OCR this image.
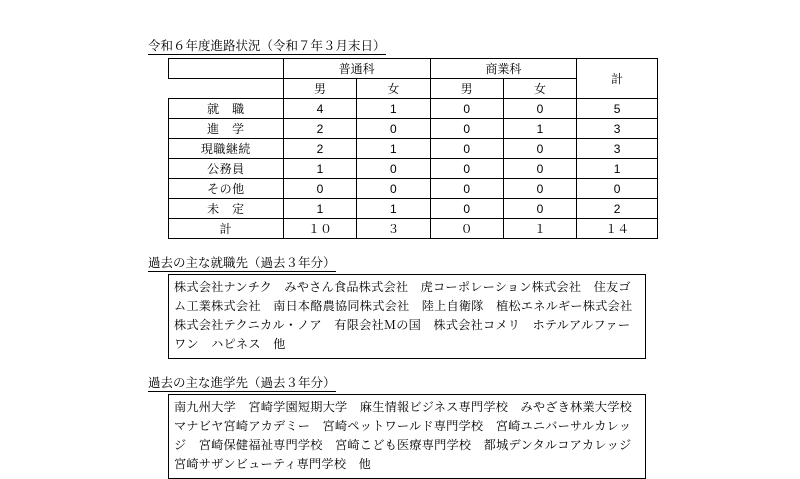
令和６年度進路状況（令和７年３月末日）
	普通科		商業科		計
	男	女	男	女	
就　職	4	1	0	0	5
進　学	2	0	0	1	3
現職継続	2	1	0	0	3
公務員	1	0	0	0	1
その他	0	0	0	0	0
未　定	1	1	0	0	2
計	１０	３	０	１	１４
過去の主な就職先（過去３年分）

株式会社ナンチク　みやさん食品株式会社　虎コーポレーション株式会社　住友ゴム工業株式会社　南日本酪農協同株式会社　陸上自衛隊　植松エネルギー株式会社　株式会社テクニカル・ノア　有限会社Ｍの国　株式会社コメリ　ホテルアルファーワン　ハピネス　他

過去の主な進学先（過去３年分）

南九州大学　宮崎学園短期大学　麻生情報ビジネス専門学校　みやざき林業大学校　マナビヤ宮崎アカデミー　宮崎ペットワールド専門学校　宮崎ユニバーサルカレッジ　宮崎保健福祉専門学校　宮崎こども医療専門学校　都城デンタルコアカレッジ　宮崎サザンビューティ専門学校　他
